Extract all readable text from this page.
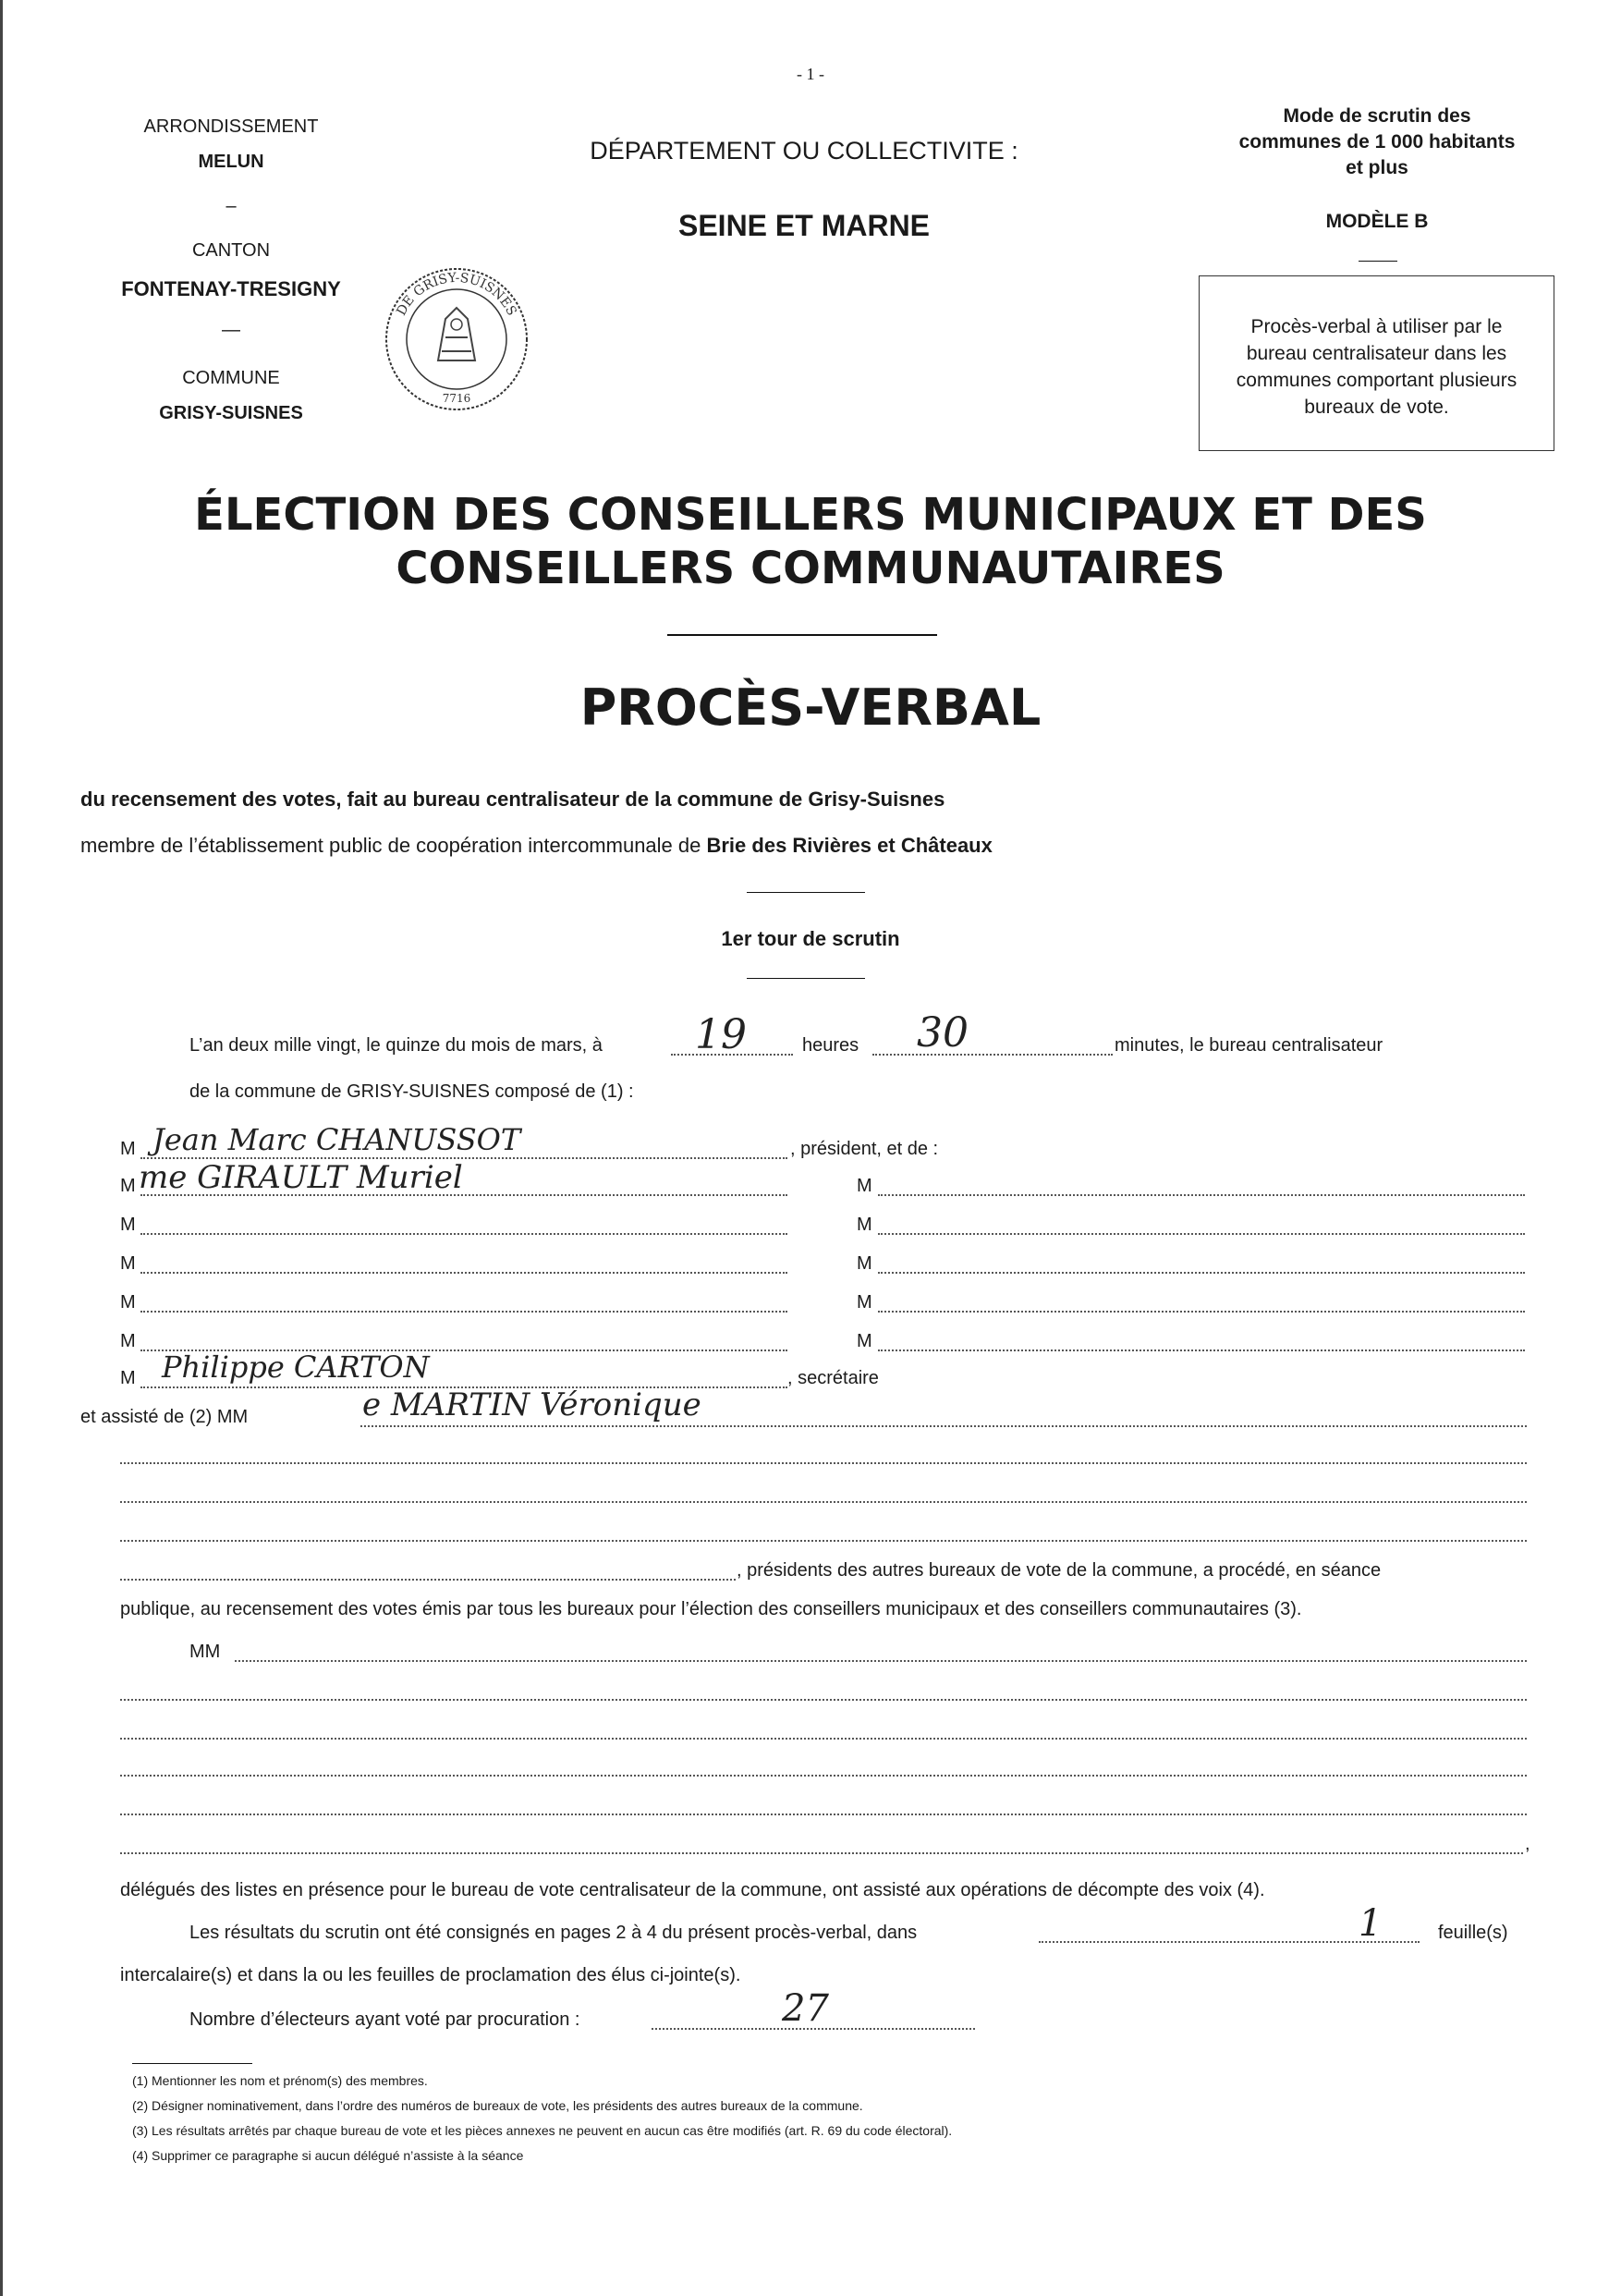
- 1 -
ARRONDISSEMENT
MELUN
–
CANTON
FONTENAY-TRESIGNY
—
COMMUNE
GRISY-SUISNES
DE GRISY-SUISNES
7716
DÉPARTEMENT OU COLLECTIVITE :
SEINE ET MARNE
Mode de scrutin des
communes de 1 000 habitants
et plus
MODÈLE B
Procès-verbal à utiliser par le
bureau centralisateur dans les
communes comportant plusieurs
bureaux de vote.
ÉLECTION DES CONSEILLERS MUNICIPAUX ET DES
CONSEILLERS COMMUNAUTAIRES
PROCÈS-VERBAL
du recensement des votes, fait au bureau centralisateur de la commune de Grisy-Suisnes
membre de l’établissement public de coopération intercommunale de Brie des Rivières et Châteaux
1er tour de scrutin
L’an deux mille vingt, le quinze du mois de mars, à 19	heures 30	minutes, le bureau centralisateur
de la commune de GRISY-SUISNES composé de (1) :
M Jean Marc CHANUSSOT	, président, et de :
M me GIRAULT Muriel	M
M	M
M	M
M	M
M	M
M Philippe CARTON	, secrétaire
et assisté de (2) MM	e MARTIN Véronique
, présidents des autres bureaux de vote de la commune, a procédé, en séance
publique, au recensement des votes émis par tous les bureaux pour l’élection des conseillers municipaux et des conseillers communautaires (3).
MM
,
délégués des listes en présence pour le bureau de vote centralisateur de la commune, ont assisté aux opérations de décompte des voix (4).
Les résultats du scrutin ont été consignés en pages 2 à 4 du présent procès-verbal, dans	1	feuille(s)
intercalaire(s) et dans la ou les feuilles de proclamation des élus ci-jointe(s).
Nombre d’électeurs ayant voté par procuration :	27
(1) Mentionner les nom et prénom(s) des membres.
(2) Désigner nominativement, dans l’ordre des numéros de bureaux de vote, les présidents des autres bureaux de la commune.
(3) Les résultats arrêtés par chaque bureau de vote et les pièces annexes ne peuvent en aucun cas être modifiés (art. R. 69 du code électoral).
(4) Supprimer ce paragraphe si aucun délégué n’assiste à la séance
